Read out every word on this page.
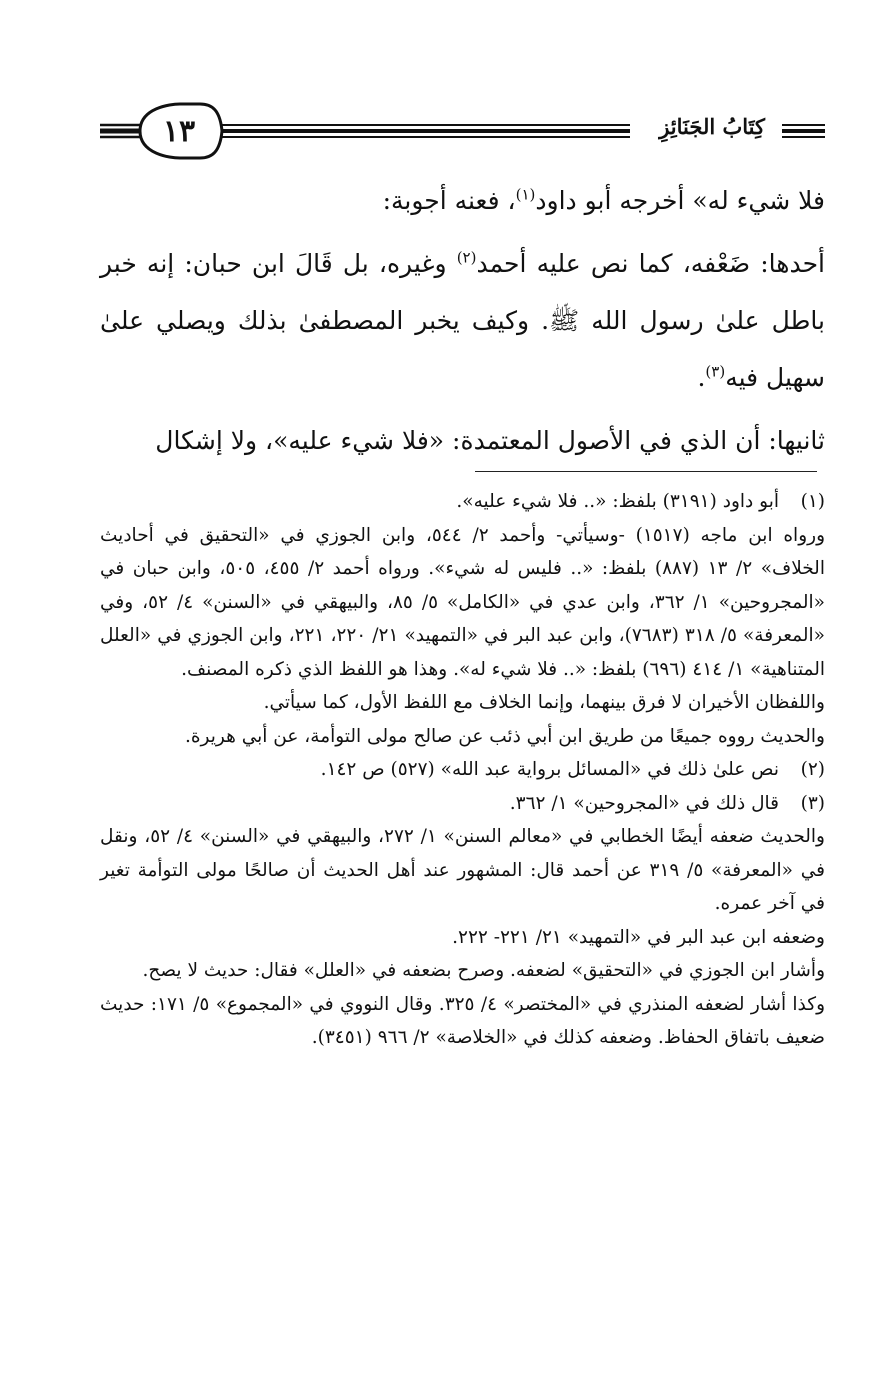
١٣	كِتَابُ الجَنَائِزِ

فلا شيء له» أخرجه أبو داود$^{(١)}$، فعنه أجوبة:

أحدها: ضَعْفه، كما نص عليه أحمد$^{(٢)}$ وغيره، بل قَالَ ابن حبان: إنه خبر باطل علىٰ رسول الله ﷺ. وكيف يخبر المصطفىٰ بذلك ويصلي علىٰ سهيل فيه$^{(٣)}$.

ثانيها: أن الذي في الأصول المعتمدة: «فلا شيء عليه»، ولا إشكال

(١)أبو داود (٣١٩١) بلفظ: «.. فلا شيء عليه».

ورواه ابن ماجه (١٥١٧) -وسيأتي- وأحمد ٢/ ٥٤٤، وابن الجوزي في «التحقيق في أحاديث الخلاف» ٢/ ١٣ (٨٨٧) بلفظ: «.. فليس له شيء». ورواه أحمد ٢/ ٤٥٥، ٥٠٥، وابن حبان في «المجروحين» ١/ ٣٦٢، وابن عدي في «الكامل» ٥/ ٨٥، والبيهقي في «السنن» ٤/ ٥٢، وفي «المعرفة» ٥/ ٣١٨ (٧٦٨٣)، وابن عبد البر في «التمهيد» ٢١/ ٢٢٠، ٢٢١، وابن الجوزي في «العلل المتناهية» ١/ ٤١٤ (٦٩٦) بلفظ: «.. فلا شيء له». وهذا هو اللفظ الذي ذكره المصنف.

واللفظان الأخيران لا فرق بينهما، وإنما الخلاف مع اللفظ الأول، كما سيأتي.

والحديث رووه جميعًا من طريق ابن أبي ذئب عن صالح مولى التوأمة، عن أبي هريرة.

(٢)نص علىٰ ذلك في «المسائل برواية عبد الله» (٥٢٧) ص ١٤٢.

(٣)قال ذلك في «المجروحين» ١/ ٣٦٢.

والحديث ضعفه أيضًا الخطابي في «معالم السنن» ١/ ٢٧٢، والبيهقي في «السنن» ٤/ ٥٢، ونقل في «المعرفة» ٥/ ٣١٩ عن أحمد قال: المشهور عند أهل الحديث أن صالحًا مولى التوأمة تغير في آخر عمره.

وضعفه ابن عبد البر في «التمهيد» ٢١/ ٢٢١- ٢٢٢.

وأشار ابن الجوزي في «التحقيق» لضعفه. وصرح بضعفه في «العلل» فقال: حديث لا يصح.

وكذا أشار لضعفه المنذري في «المختصر» ٤/ ٣٢٥. وقال النووي في «المجموع» ٥/ ١٧١: حديث ضعيف باتفاق الحفاظ. وضعفه كذلك في «الخلاصة» ٢/ ٩٦٦ (٣٤٥١).
